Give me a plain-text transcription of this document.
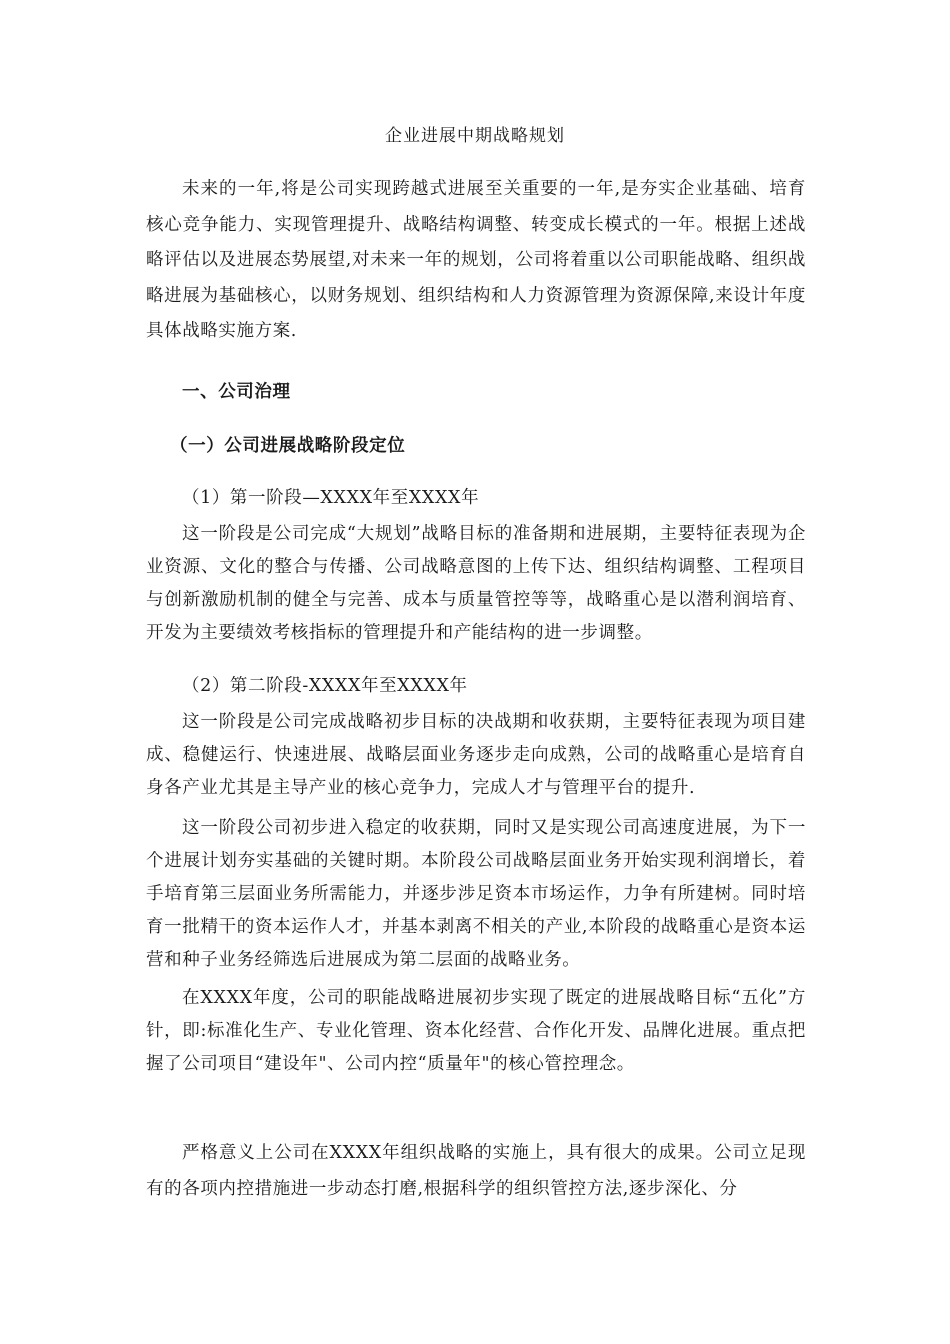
企业进展中期战略规划
未来的一年,将是公司实现跨越式进展至关重要的一年,是夯实企业基础、培育核心竞争能力、实现管理提升、战略结构调整、转变成长模式的一年。根据上述战略评估以及进展态势展望,对未来一年的规划，公司将着重以公司职能战略、组织战略进展为基础核心，以财务规划、组织结构和人力资源管理为资源保障,来设计年度具体战略实施方案.
一、公司治理
（一）公司进展战略阶段定位
（1）第一阶段—XXXX年至XXXX年
这一阶段是公司完成“大规划”战略目标的准备期和进展期，主要特征表现为企业资源、文化的整合与传播、公司战略意图的上传下达、组织结构调整、工程项目与创新激励机制的健全与完善、成本与质量管控等等，战略重心是以潜利润培育、开发为主要绩效考核指标的管理提升和产能结构的进一步调整。
（2）第二阶段-XXXX年至XXXX年
这一阶段是公司完成战略初步目标的决战期和收获期，主要特征表现为项目建成、稳健运行、快速进展、战略层面业务逐步走向成熟，公司的战略重心是培育自身各产业尤其是主导产业的核心竞争力，完成人才与管理平台的提升.
这一阶段公司初步进入稳定的收获期，同时又是实现公司高速度进展，为下一个进展计划夯实基础的关键时期。本阶段公司战略层面业务开始实现利润增长，着手培育第三层面业务所需能力，并逐步涉足资本市场运作，力争有所建树。同时培育一批精干的资本运作人才，并基本剥离不相关的产业,本阶段的战略重心是资本运营和种子业务经筛选后进展成为第二层面的战略业务。
在XXXX年度，公司的职能战略进展初步实现了既定的进展战略目标“五化”方针，即:标准化生产、专业化管理、资本化经营、合作化开发、品牌化进展。重点把握了公司项目“建设年"、公司内控“质量年"的核心管控理念。
严格意义上公司在XXXX年组织战略的实施上，具有很大的成果。公司立足现有的各项内控措施进一步动态打磨,根据科学的组织管控方法,逐步深化、分
